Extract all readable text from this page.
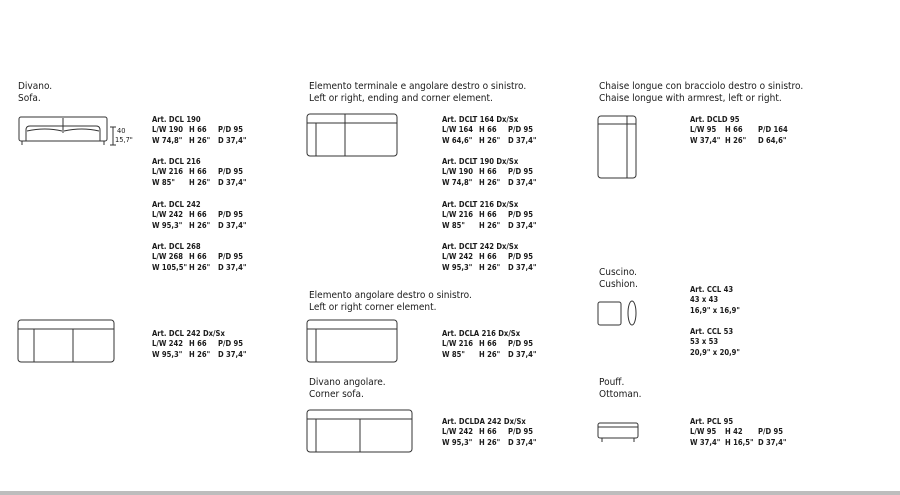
Divano.
Sofa.
Elemento terminale e angolare destro o sinistro.
Left or right, ending and corner element.
Chaise longue con bracciolo destro o sinistro.
Chaise longue with armrest, left or right.
Elemento angolare destro o sinistro.
Left or right corner element.
Divano angolare.
Corner sofa.
Cuscino.
Cushion.
Pouff.
Ottoman.
40
15,7"
Art. DCL 190
L/W 190 H 66 P/D 95
W 74,8" H 26" D 37,4"
Art. DCL 216
L/W 216 H 66 P/D 95
W 85" H 26" D 37,4"
Art. DCL 242
L/W 242 H 66 P/D 95
W 95,3" H 26" D 37,4"
Art. DCL 268
L/W 268 H 66 P/D 95
W 105,5" H 26" D 37,4"
Art. DCL 242 Dx/Sx
L/W 242 H 66 P/D 95
W 95,3" H 26" D 37,4"
Art. DCLT 164 Dx/Sx
L/W 164 H 66 P/D 95
W 64,6" H 26" D 37,4"
Art. DCLT 190 Dx/Sx
L/W 190 H 66 P/D 95
W 74,8" H 26" D 37,4"
Art. DCLT 216 Dx/Sx
L/W 216 H 66 P/D 95
W 85" H 26" D 37,4"
Art. DCLT 242 Dx/Sx
L/W 242 H 66 P/D 95
W 95,3" H 26" D 37,4"
Art. DCLA 216 Dx/Sx
L/W 216 H 66 P/D 95
W 85" H 26" D 37,4"
Art. DCLDA 242 Dx/Sx
L/W 242 H 66 P/D 95
W 95,3" H 26" D 37,4"
Art. DCLD 95
L/W 95 H 66 P/D 164
W 37,4" H 26" D 64,6"
Art. CCL 43
43 x 43
16,9" x 16,9"
Art. CCL 53
53 x 53
20,9" x 20,9"
Art. PCL 95
L/W 95 H 42 P/D 95
W 37,4" H 16,5" D 37,4"
